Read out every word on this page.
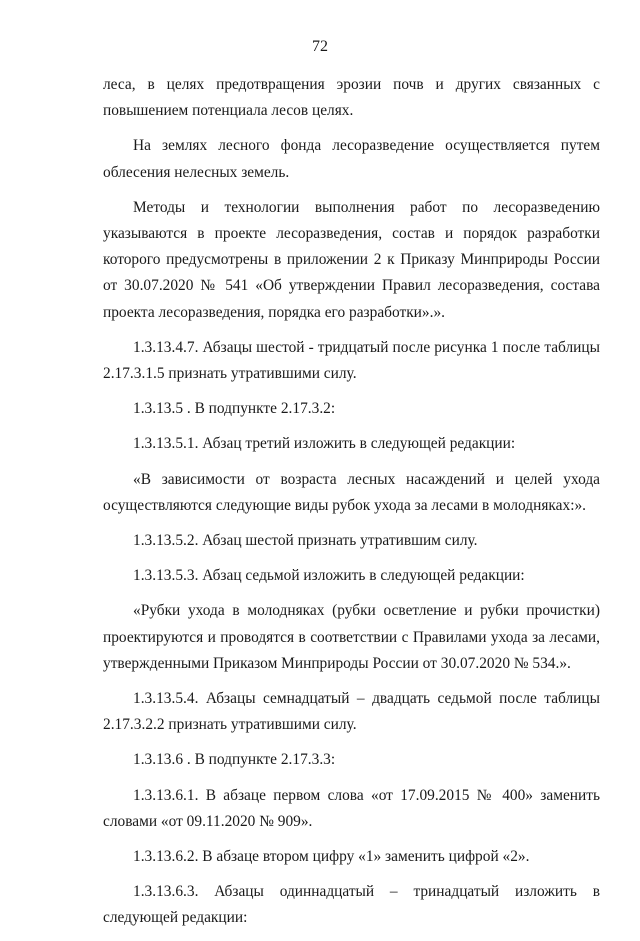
72

леса, в целях предотвращения эрозии почв и других связанных с повышением потенциала лесов целях.

На землях лесного фонда лесоразведение осуществляется путем облесения нелесных земель.

Методы и технологии выполнения работ по лесоразведению указываются в проекте лесоразведения, состав и порядок разработки которого предусмотрены в приложении 2 к Приказу Минприроды России от 30.07.2020 № 541 «Об утверждении Правил лесоразведения, состава проекта лесоразведения, порядка его разработки».».

1.3.13.4.7. Абзацы шестой - тридцатый после рисунка 1 после таблицы 2.17.3.1.5 признать утратившими силу.

1.3.13.5 . В подпункте 2.17.3.2:

1.3.13.5.1. Абзац третий изложить в следующей редакции:

«В зависимости от возраста лесных насаждений и целей ухода осуществляются следующие виды рубок ухода за лесами в молодняках:».

1.3.13.5.2. Абзац шестой признать утратившим силу.

1.3.13.5.3. Абзац седьмой изложить в следующей редакции:

«Рубки ухода в молодняках (рубки осветление и рубки прочистки) проектируются и проводятся в соответствии с Правилами ухода за лесами, утвержденными Приказом Минприроды России от 30.07.2020 № 534.».

1.3.13.5.4. Абзацы семнадцатый – двадцать седьмой после таблицы 2.17.3.2.2 признать утратившими силу.

1.3.13.6 . В подпункте 2.17.3.3:

1.3.13.6.1. В абзаце первом слова «от 17.09.2015 № 400» заменить словами «от 09.11.2020 № 909».

1.3.13.6.2. В абзаце втором цифру «1» заменить цифрой «2».

1.3.13.6.3. Абзацы одиннадцатый – тринадцатый изложить в следующей редакции:
